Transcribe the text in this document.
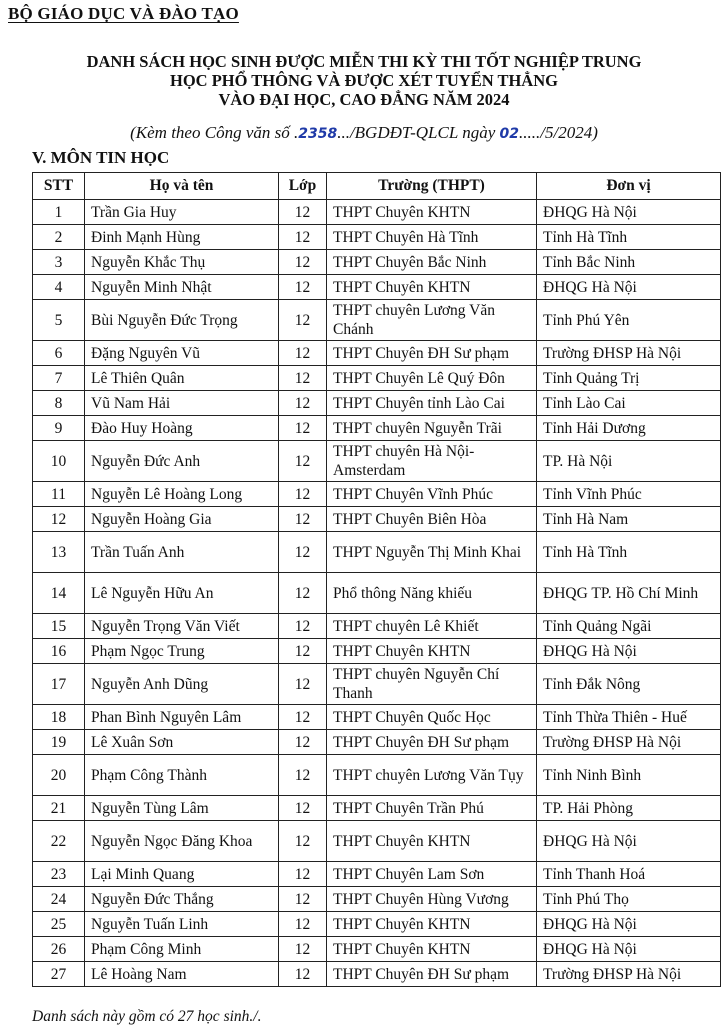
BỘ GIÁO DỤC VÀ ĐÀO TẠO
DANH SÁCH HỌC SINH ĐƯỢC MIỄN THI KỲ THI TỐT NGHIỆP TRUNG
HỌC PHỔ THÔNG VÀ ĐƯỢC XÉT TUYỂN THẲNG
VÀO ĐẠI HỌC, CAO ĐẲNG NĂM 2024
(Kèm theo Công văn số .2358.../BGDĐT-QLCL ngày 02...../5/2024)
V. MÔN TIN HỌC
STT	Họ và tên	Lớp	Trường (THPT)	Đơn vị
1	Trần Gia Huy	12	THPT Chuyên KHTN	ĐHQG Hà Nội
2	Đinh Mạnh Hùng	12	THPT Chuyên Hà Tĩnh	Tỉnh Hà Tĩnh
3	Nguyễn Khắc Thụ	12	THPT Chuyên Bắc Ninh	Tỉnh Bắc Ninh
4	Nguyễn Minh Nhật	12	THPT Chuyên KHTN	ĐHQG Hà Nội
5	Bùi Nguyễn Đức Trọng	12	THPT chuyên Lương Văn Chánh	Tỉnh Phú Yên
6	Đặng Nguyên Vũ	12	THPT Chuyên ĐH Sư phạm	Trường ĐHSP Hà Nội
7	Lê Thiên Quân	12	THPT Chuyên Lê Quý Đôn	Tỉnh Quảng Trị
8	Vũ Nam Hải	12	THPT Chuyên tỉnh Lào Cai	Tỉnh Lào Cai
9	Đào Huy Hoàng	12	THPT chuyên Nguyễn Trãi	Tỉnh Hải Dương
10	Nguyễn Đức Anh	12	THPT chuyên Hà Nội-Amsterdam	TP. Hà Nội
11	Nguyễn Lê Hoàng Long	12	THPT Chuyên Vĩnh Phúc	Tỉnh Vĩnh Phúc
12	Nguyễn Hoàng Gia	12	THPT Chuyên Biên Hòa	Tỉnh Hà Nam
13	Trần Tuấn Anh	12	THPT Nguyễn Thị Minh Khai	Tỉnh Hà Tĩnh
14	Lê Nguyễn Hữu An	12	Phổ thông Năng khiếu	ĐHQG TP. Hồ Chí Minh
15	Nguyễn Trọng Văn Viết	12	THPT chuyên Lê Khiết	Tỉnh Quảng Ngãi
16	Phạm Ngọc Trung	12	THPT Chuyên KHTN	ĐHQG Hà Nội
17	Nguyễn Anh Dũng	12	THPT chuyên Nguyễn Chí Thanh	Tỉnh Đắk Nông
18	Phan Bình Nguyên Lâm	12	THPT Chuyên Quốc Học	Tỉnh Thừa Thiên - Huế
19	Lê Xuân Sơn	12	THPT Chuyên ĐH Sư phạm	Trường ĐHSP Hà Nội
20	Phạm Công Thành	12	THPT chuyên Lương Văn Tụy	Tỉnh Ninh Bình
21	Nguyễn Tùng Lâm	12	THPT Chuyên Trần Phú	TP. Hải Phòng
22	Nguyễn Ngọc Đăng Khoa	12	THPT Chuyên KHTN	ĐHQG Hà Nội
23	Lại Minh Quang	12	THPT Chuyên Lam Sơn	Tỉnh Thanh Hoá
24	Nguyễn Đức Thắng	12	THPT Chuyên Hùng Vương	Tỉnh Phú Thọ
25	Nguyễn Tuấn Linh	12	THPT Chuyên KHTN	ĐHQG Hà Nội
26	Phạm Công Minh	12	THPT Chuyên KHTN	ĐHQG Hà Nội
27	Lê Hoàng Nam	12	THPT Chuyên ĐH Sư phạm	Trường ĐHSP Hà Nội
Danh sách này gồm có 27 học sinh./.
